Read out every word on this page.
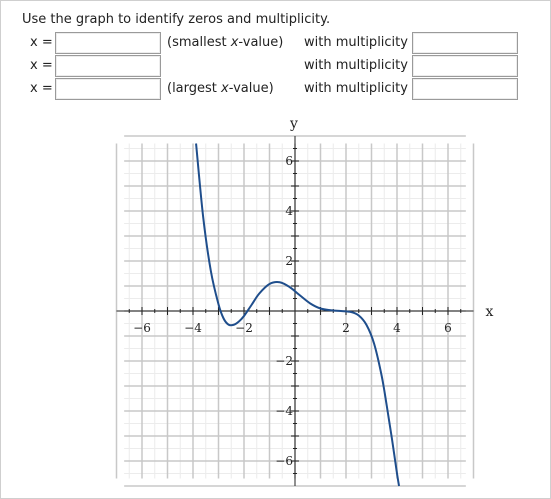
Use the graph to identify zeros and multiplicity.
x =	(smallest x-value) with multiplicity
x =	with multiplicity
x =	(largest x-value) with multiplicity
x
y
−6	−4	−2	2	4	6
6
4
2
−2
−4
−6
